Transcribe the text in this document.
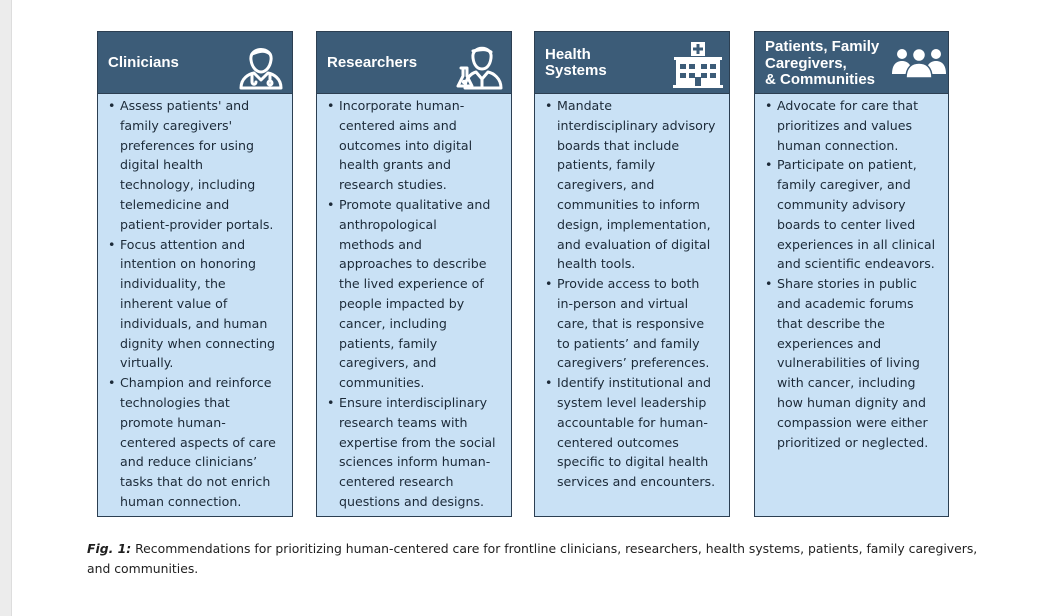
Clinicians
• Assess patients' and
family caregivers'
preferences for using
digital health
technology, including
telemedicine and
patient-provider portals.
• Focus attention and
intention on honoring
individuality, the
inherent value of
individuals, and human
dignity when connecting
virtually.
• Champion and reinforce
technologies that
promote human-
centered aspects of care
and reduce clinicians’
tasks that do not enrich
human connection.
Researchers
• Incorporate human-
centered aims and
outcomes into digital
health grants and
research studies.
• Promote qualitative and
anthropological
methods and
approaches to describe
the lived experience of
people impacted by
cancer, including
patients, family
caregivers, and
communities.
• Ensure interdisciplinary
research teams with
expertise from the social
sciences inform human-
centered research
questions and designs.
Health
Systems
• Mandate
interdisciplinary advisory
boards that include
patients, family
caregivers, and
communities to inform
design, implementation,
and evaluation of digital
health tools.
• Provide access to both
in-person and virtual
care, that is responsive
to patients’ and family
caregivers’ preferences.
• Identify institutional and
system level leadership
accountable for human-
centered outcomes
specific to digital health
services and encounters.
Patients, Family
Caregivers,
& Communities
• Advocate for care that
prioritizes and values
human connection.
• Participate on patient,
family caregiver, and
community advisory
boards to center lived
experiences in all clinical
and scientific endeavors.
• Share stories in public
and academic forums
that describe the
experiences and
vulnerabilities of living
with cancer, including
how human dignity and
compassion were either
prioritized or neglected.
Fig. 1: Recommendations for prioritizing human-centered care for frontline clinicians, researchers, health systems, patients, family caregivers,
and communities.
